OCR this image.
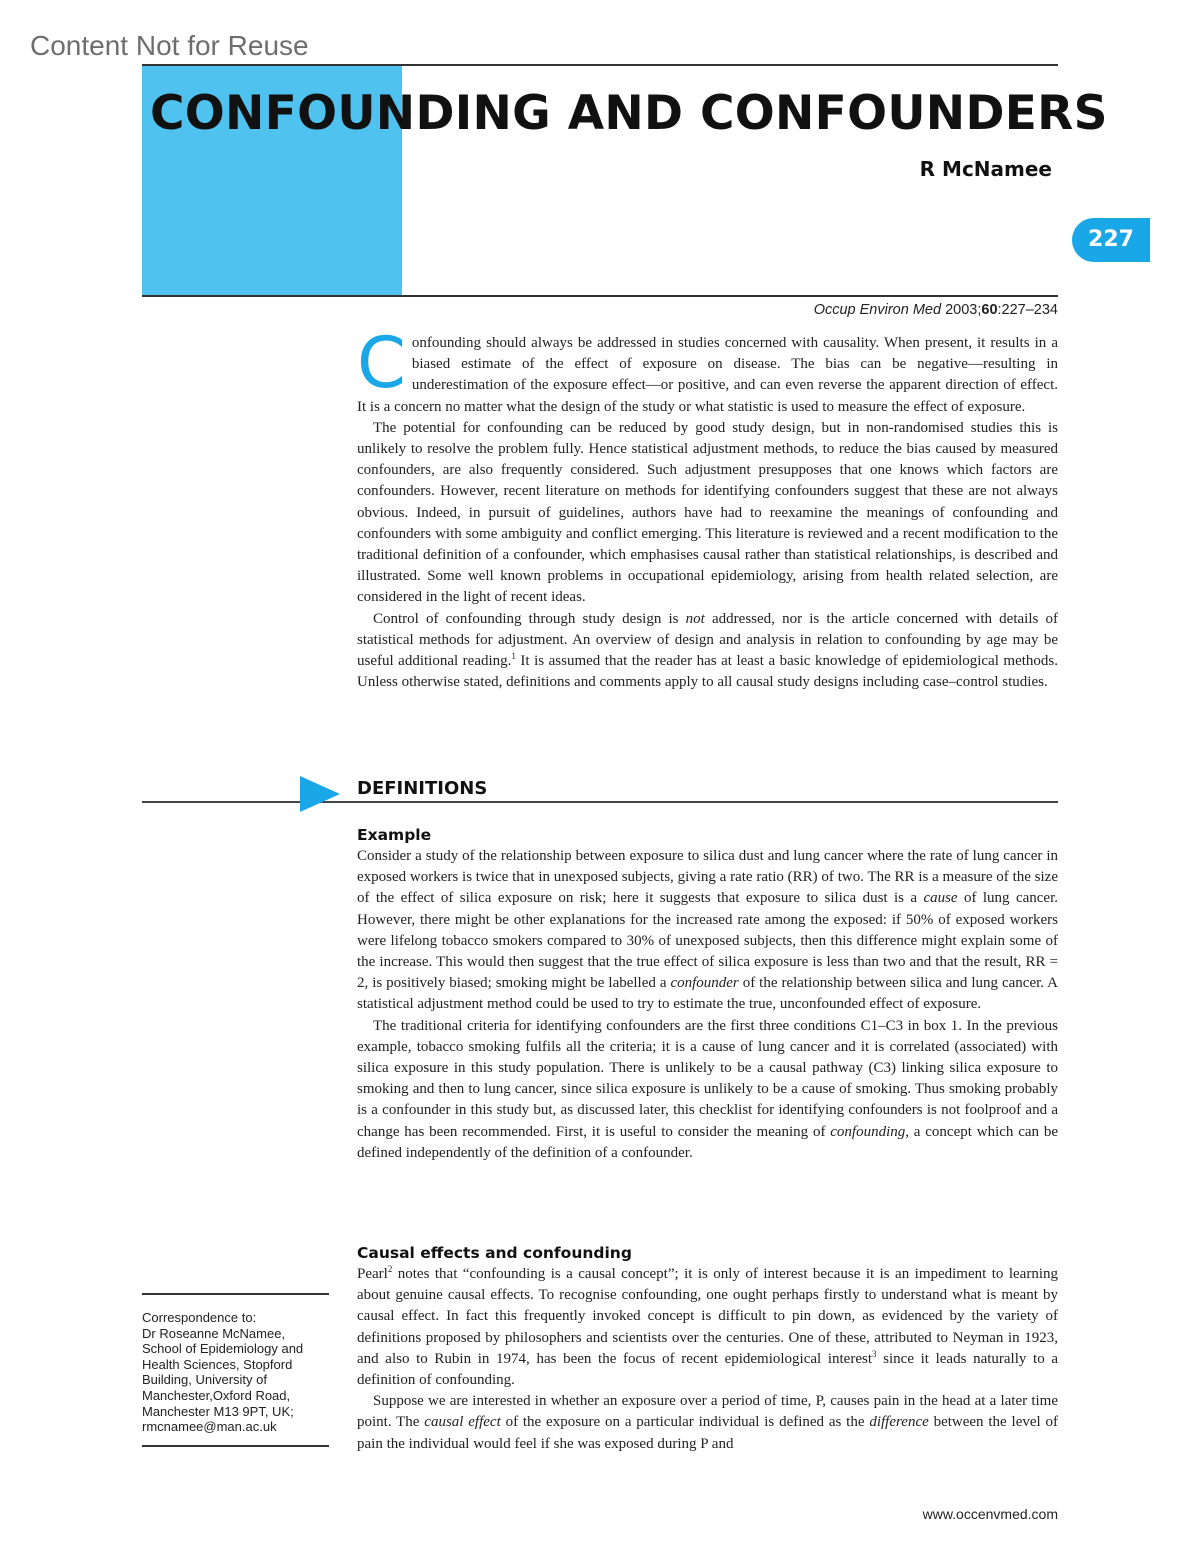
Content Not for Reuse
CONFOUNDING AND CONFOUNDERS
R McNamee
227
Occup Environ Med 2003;60:227–234

Confounding should always be addressed in studies concerned with causality. When present, it results in a biased estimate of the effect of exposure on disease. The bias can be negative—resulting in underestimation of the exposure effect—or positive, and can even reverse the apparent direction of effect. It is a concern no matter what the design of the study or what statistic is used to measure the effect of exposure.

The potential for confounding can be reduced by good study design, but in non-randomised studies this is unlikely to resolve the problem fully. Hence statistical adjustment methods, to reduce the bias caused by measured confounders, are also frequently considered. Such adjustment presupposes that one knows which factors are confounders. However, recent literature on methods for identifying confounders suggest that these are not always obvious. Indeed, in pursuit of guidelines, authors have had to reexamine the meanings of confounding and confounders with some ambiguity and conflict emerging. This literature is reviewed and a recent modification to the traditional definition of a confounder, which emphasises causal rather than statistical relationships, is described and illustrated. Some well known problems in occupational epidemiology, arising from health related selection, are considered in the light of recent ideas.

Control of confounding through study design is not addressed, nor is the article concerned with details of statistical methods for adjustment. An overview of design and analysis in relation to confounding by age may be useful additional reading.$^1$ It is assumed that the reader has at least a basic knowledge of epidemiological methods. Unless otherwise stated, definitions and comments apply to all causal study designs including case–control studies.

DEFINITIONS
Example

Consider a study of the relationship between exposure to silica dust and lung cancer where the rate of lung cancer in exposed workers is twice that in unexposed subjects, giving a rate ratio (RR) of two. The RR is a measure of the size of the effect of silica exposure on risk; here it suggests that exposure to silica dust is a cause of lung cancer. However, there might be other explanations for the increased rate among the exposed: if 50% of exposed workers were lifelong tobacco smokers compared to 30% of unexposed subjects, then this difference might explain some of the increase. This would then suggest that the true effect of silica exposure is less than two and that the result, RR = 2, is positively biased; smoking might be labelled a confounder of the relationship between silica and lung cancer. A statistical adjustment method could be used to try to estimate the true, unconfounded effect of exposure.

The traditional criteria for identifying confounders are the first three conditions C1–C3 in box 1. In the previous example, tobacco smoking fulfils all the criteria; it is a cause of lung cancer and it is correlated (associated) with silica exposure in this study population. There is unlikely to be a causal pathway (C3) linking silica exposure to smoking and then to lung cancer, since silica exposure is unlikely to be a cause of smoking. Thus smoking probably is a confounder in this study but, as discussed later, this checklist for identifying confounders is not foolproof and a change has been recommended. First, it is useful to consider the meaning of confounding, a concept which can be defined independently of the definition of a confounder.

Causal effects and confounding

Pearl$^2$ notes that “confounding is a causal concept”; it is only of interest because it is an impediment to learning about genuine causal effects. To recognise confounding, one ought perhaps firstly to understand what is meant by causal effect. In fact this frequently invoked concept is difficult to pin down, as evidenced by the variety of definitions proposed by philosophers and scientists over the centuries. One of these, attributed to Neyman in 1923, and also to Rubin in 1974, has been the focus of recent epidemiological interest$^3$ since it leads naturally to a definition of confounding.

Suppose we are interested in whether an exposure over a period of time, P, causes pain in the head at a later time point. The causal effect of the exposure on a particular individual is defined as the difference between the level of pain the individual would feel if she was exposed during P and

Correspondence to:
Dr Roseanne McNamee,
School of Epidemiology and
Health Sciences, Stopford
Building, University of
Manchester,Oxford Road,
Manchester M13 9PT, UK;
rmcnamee@man.ac.uk
www.occenvmed.com
